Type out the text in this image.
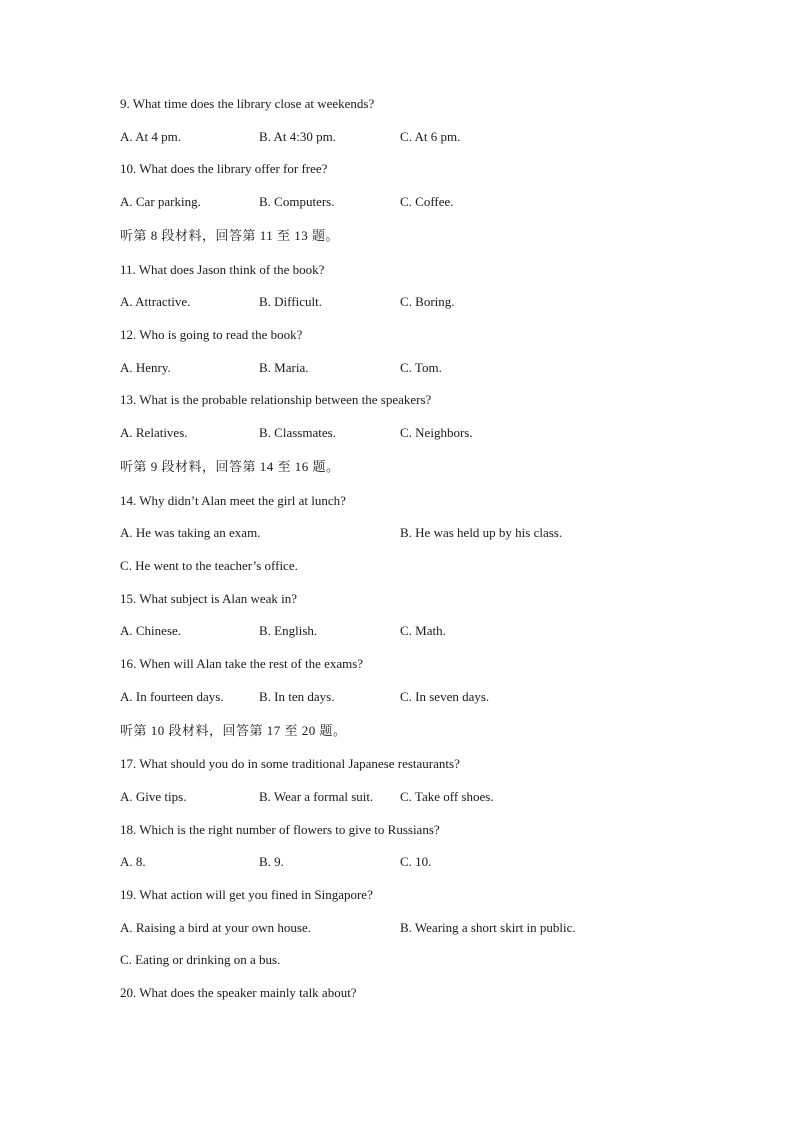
9. What time does the library close at weekends?
A. At 4 pm.	B. At 4:30 pm.	C. At 6 pm.
10. What does the library offer for free?
A. Car parking.	B. Computers.	C. Coffee.
听第 8 段材料，回答第 11 至 13 题。
11. What does Jason think of the book?
A. Attractive.	B. Difficult.	C. Boring.
12. Who is going to read the book?
A. Henry.	B. Maria.	C. Tom.
13. What is the probable relationship between the speakers?
A. Relatives.	B. Classmates.	C. Neighbors.
听第 9 段材料，回答第 14 至 16 题。
14. Why didn’t Alan meet the girl at lunch?
A. He was taking an exam.	B. He was held up by his class.
C. He went to the teacher’s office.
15. What subject is Alan weak in?
A. Chinese.	B. English.	C. Math.
16. When will Alan take the rest of the exams?
A. In fourteen days.	B. In ten days.	C. In seven days.
听第 10 段材料，回答第 17 至 20 题。
17. What should you do in some traditional Japanese restaurants?
A. Give tips.	B. Wear a formal suit. C. Take off shoes.
18. Which is the right number of flowers to give to Russians?
A. 8.	B. 9.	C. 10.
19. What action will get you fined in Singapore?
A. Raising a bird at your own house.	B. Wearing a short skirt in public.
C. Eating or drinking on a bus.
20. What does the speaker mainly talk about?
